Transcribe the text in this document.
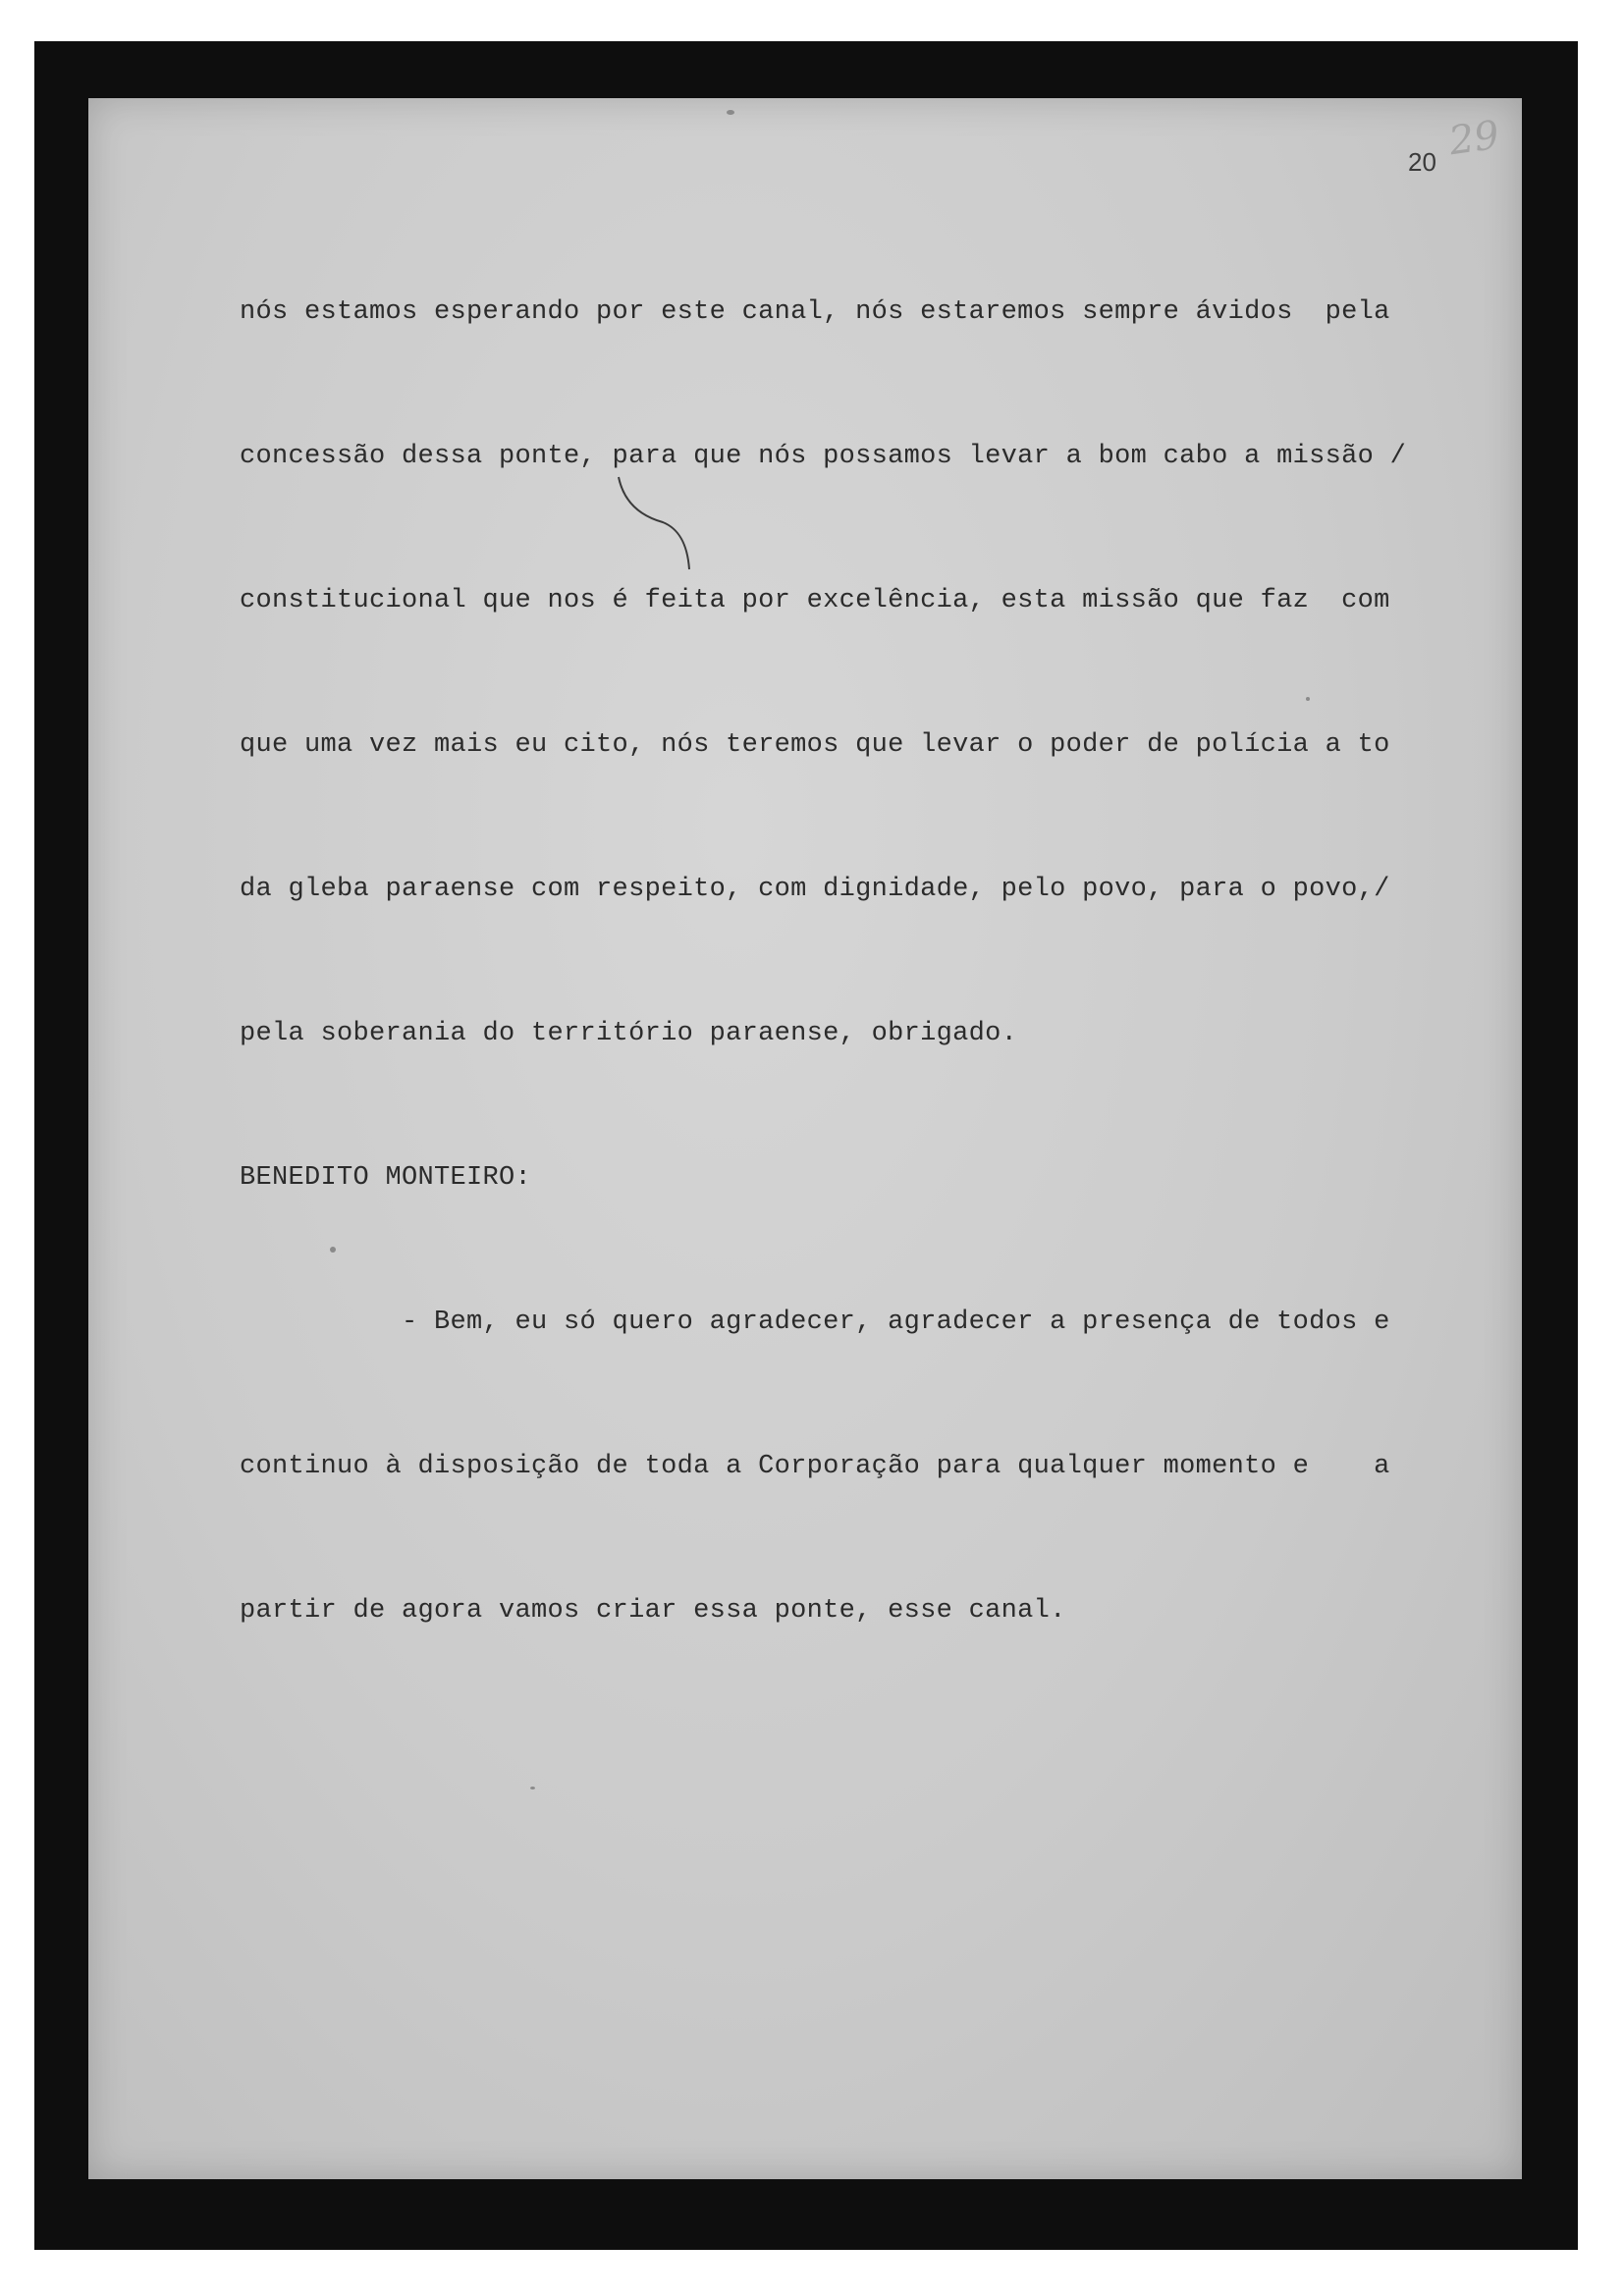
20 29

nós estamos esperando por este canal, nós estaremos sempre ávidos  pela

concessão dessa ponte, para que nós possamos levar a bom cabo a missão /

constitucional que nos é feita por excelência, esta missão que faz  com

que uma vez mais eu cito, nós teremos que levar o poder de polícia a to

da gleba paraense com respeito, com dignidade, pelo povo, para o povo,/

pela soberania do território paraense, obrigado.

BENEDITO MONTEIRO:

- Bem, eu só quero agradecer, agradecer a presença de todos e

continuo à disposição de toda a Corporação para qualquer momento e    a

partir de agora vamos criar essa ponte, esse canal.
